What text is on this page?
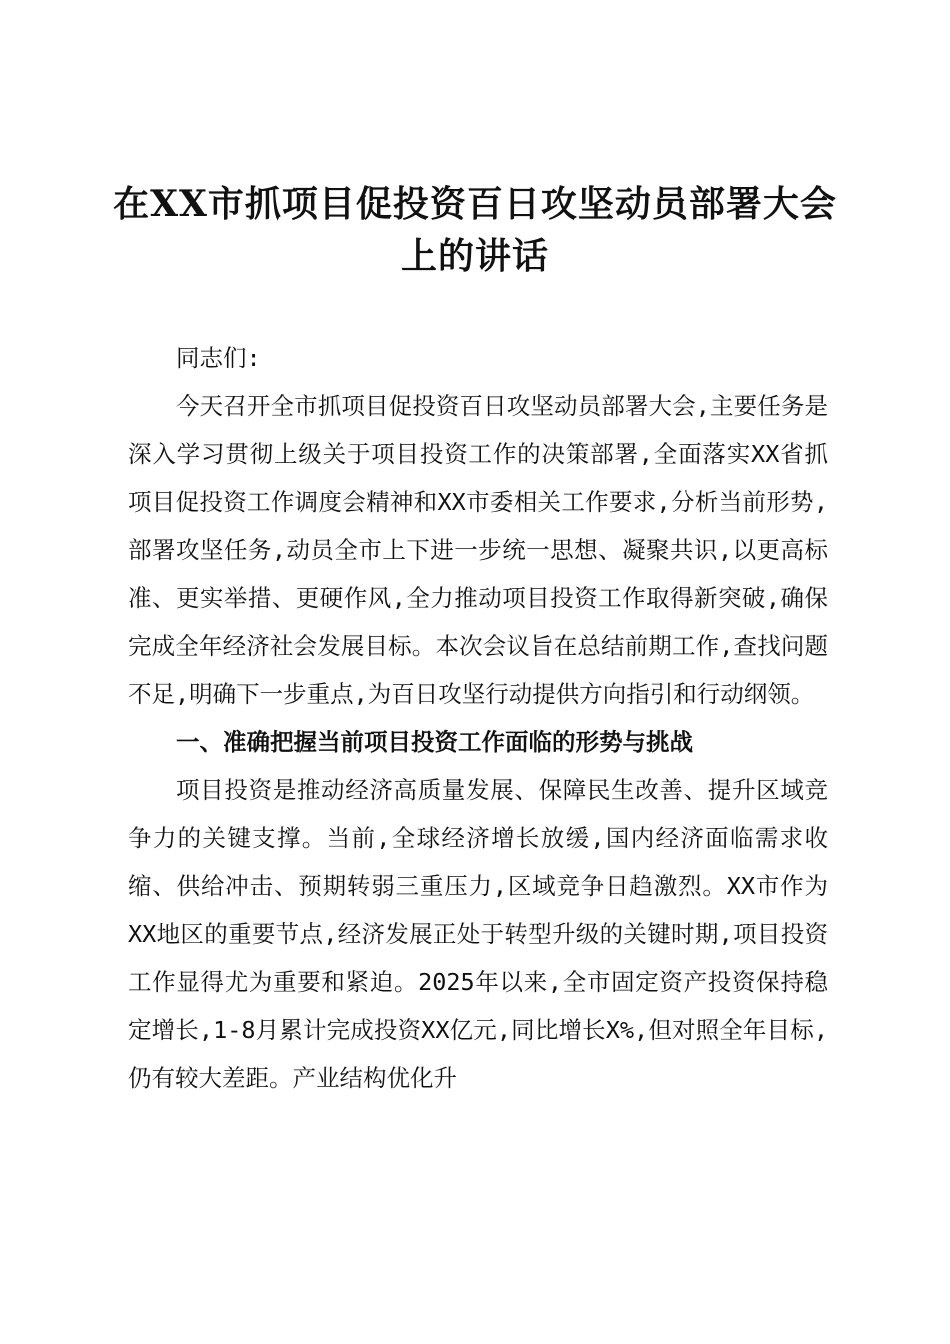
在XX市抓项目促投资百日攻坚动员部署大会上的讲话

同志们:

今天召开全市抓项目促投资百日攻坚动员部署大会,主要任务是深入学习贯彻上级关于项目投资工作的决策部署,全面落实XX省抓项目促投资工作调度会精神和XX市委相关工作要求,分析当前形势,部署攻坚任务,动员全市上下进一步统一思想、凝聚共识,以更高标准、更实举措、更硬作风,全力推动项目投资工作取得新突破,确保完成全年经济社会发展目标。本次会议旨在总结前期工作,查找问题不足,明确下一步重点,为百日攻坚行动提供方向指引和行动纲领。

一、准确把握当前项目投资工作面临的形势与挑战

项目投资是推动经济高质量发展、保障民生改善、提升区域竞争力的关键支撑。当前,全球经济增长放缓,国内经济面临需求收缩、供给冲击、预期转弱三重压力,区域竞争日趋激烈。XX市作为XX地区的重要节点,经济发展正处于转型升级的关键时期,项目投资工作显得尤为重要和紧迫。2025年以来,全市固定资产投资保持稳定增长,1-8月累计完成投资XX亿元,同比增长X%,但对照全年目标,仍有较大差距。产业结构优化升
